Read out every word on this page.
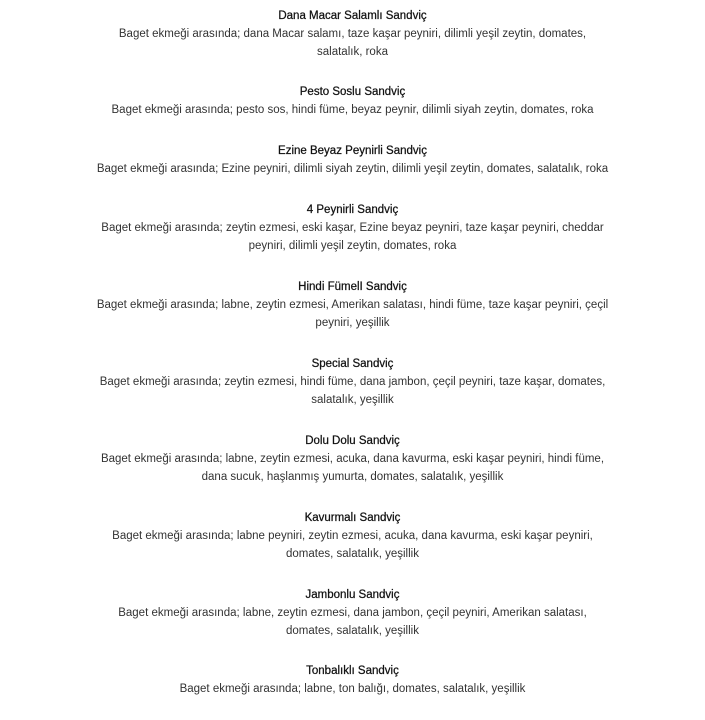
Dana Macar Salamlı Sandviç
Baget ekmeği arasında; dana Macar salamı, taze kaşar peyniri, dilimli yeşil zeytin, domates, salatalık, roka
Pesto Soslu Sandviç
Baget ekmeği arasında; pesto sos, hindi füme, beyaz peynir, dilimli siyah zeytin, domates, roka
Ezine Beyaz Peynirli Sandviç
Baget ekmeği arasında; Ezine peyniri, dilimli siyah zeytin, dilimli yeşil zeytin, domates, salatalık, roka
4 Peynirli Sandviç
Baget ekmeği arasında; zeytin ezmesi, eski kaşar, Ezine beyaz peyniri, taze kaşar peyniri, cheddar peyniri, dilimli yeşil zeytin, domates, roka
Hindi FümelI Sandviç
Baget ekmeği arasında; labne, zeytin ezmesi, Amerikan salatası, hindi füme, taze kaşar peyniri, çeçil peyniri, yeşillik
Special Sandviç
Baget ekmeği arasında; zeytin ezmesi, hindi füme, dana jambon, çeçil peyniri, taze kaşar, domates, salatalık, yeşillik
Dolu Dolu Sandviç
Baget ekmeği arasında; labne, zeytin ezmesi, acuka, dana kavurma, eski kaşar peyniri, hindi füme, dana sucuk, haşlanmış yumurta, domates, salatalık, yeşillik
Kavurmalı Sandviç
Baget ekmeği arasında; labne peyniri, zeytin ezmesi, acuka, dana kavurma, eski kaşar peyniri, domates, salatalık, yeşillik
Jambonlu Sandviç
Baget ekmeği arasında; labne, zeytin ezmesi, dana jambon, çeçil peyniri, Amerikan salatası, domates, salatalık, yeşillik
Tonbalıklı Sandviç
Baget ekmeği arasında; labne, ton balığı, domates, salatalık, yeşillik
